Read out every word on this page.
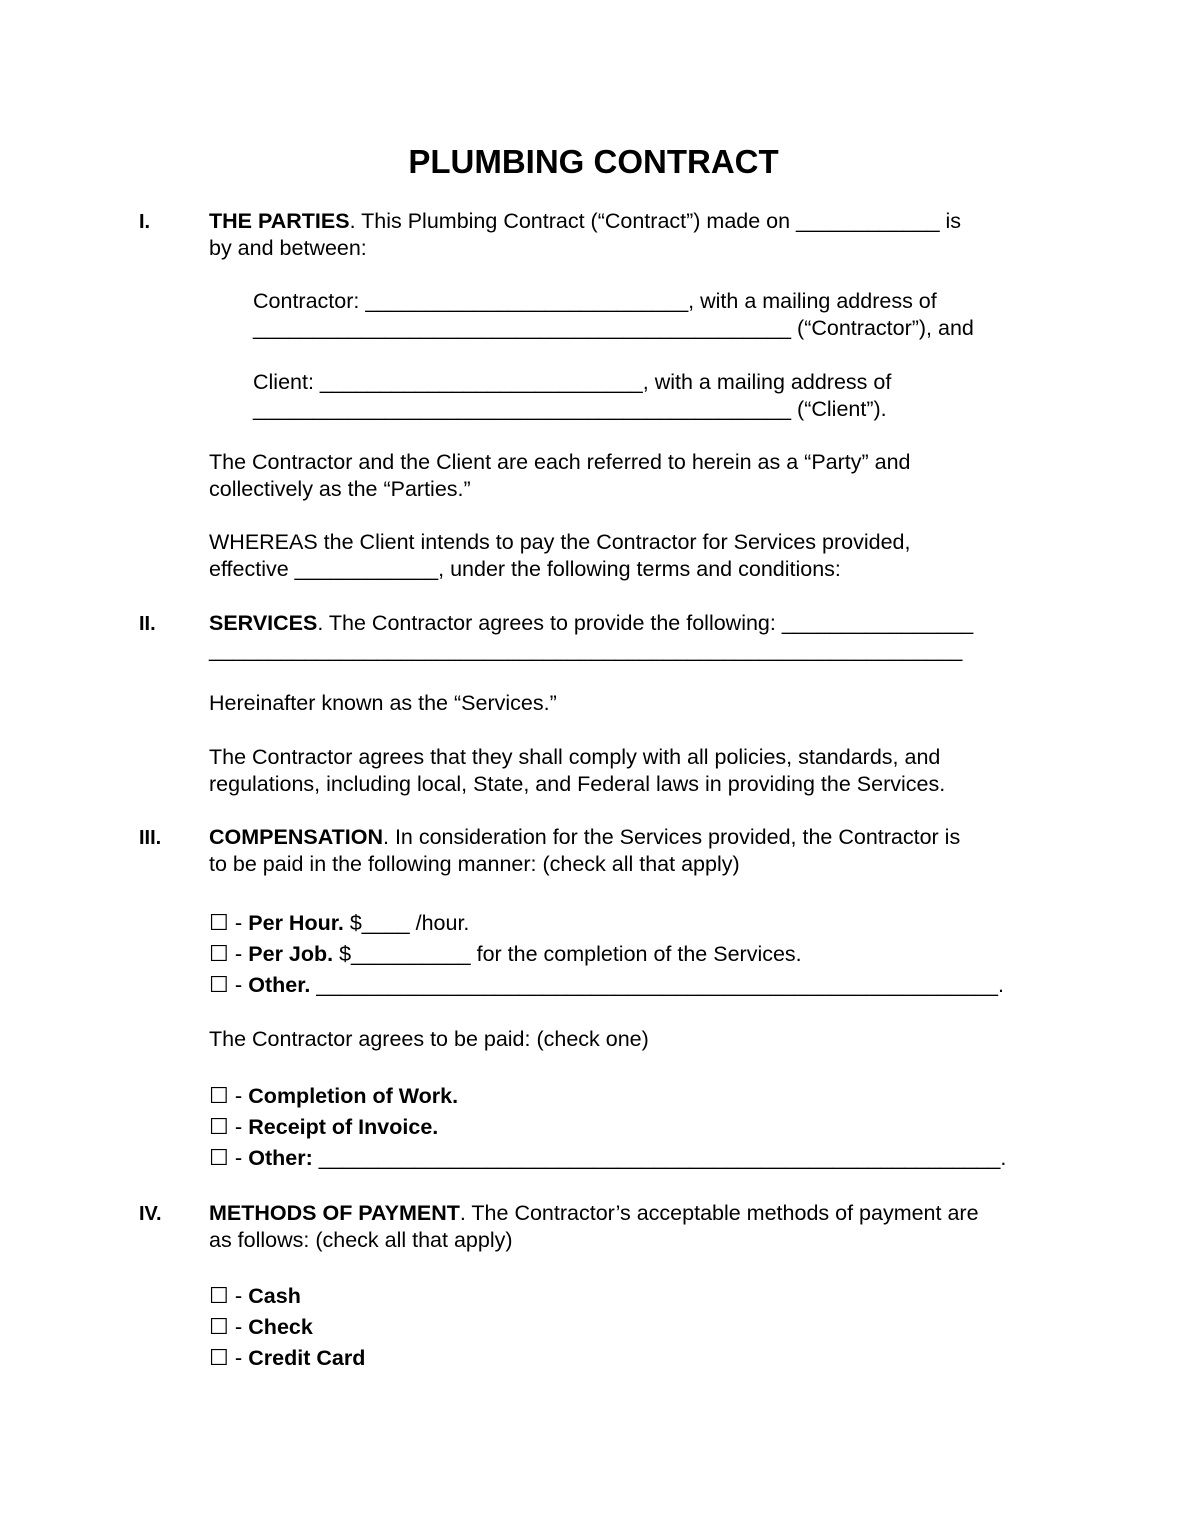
PLUMBING CONTRACT
I.	THE PARTIES. This Plumbing Contract (“Contract”) made on ____________ is
by and between:
Contractor: ___________________________, with a mailing address of
_____________________________________________ (“Contractor”), and
Client: ___________________________, with a mailing address of
_____________________________________________ (“Client”).
The Contractor and the Client are each referred to herein as a “Party” and
collectively as the “Parties.”
WHEREAS the Client intends to pay the Contractor for Services provided,
effective ____________, under the following terms and conditions:
II. SERVICES. The Contractor agrees to provide the following: ________________
_______________________________________________________________
Hereinafter known as the “Services.”
The Contractor agrees that they shall comply with all policies, standards, and
regulations, including local, State, and Federal laws in providing the Services.
III. COMPENSATION. In consideration for the Services provided, the Contractor is
to be paid in the following manner: (check all that apply)
☐ - Per Hour. $____ /hour.
☐ - Per Job. $__________ for the completion of the Services.
☐ - Other. _________________________________________________________.
The Contractor agrees to be paid: (check one)
☐ - Completion of Work.
☐ - Receipt of Invoice.
☐ - Other: _________________________________________________________.
IV. METHODS OF PAYMENT. The Contractor’s acceptable methods of payment are
as follows: (check all that apply)
☐ - Cash
☐ - Check
☐ - Credit Card
